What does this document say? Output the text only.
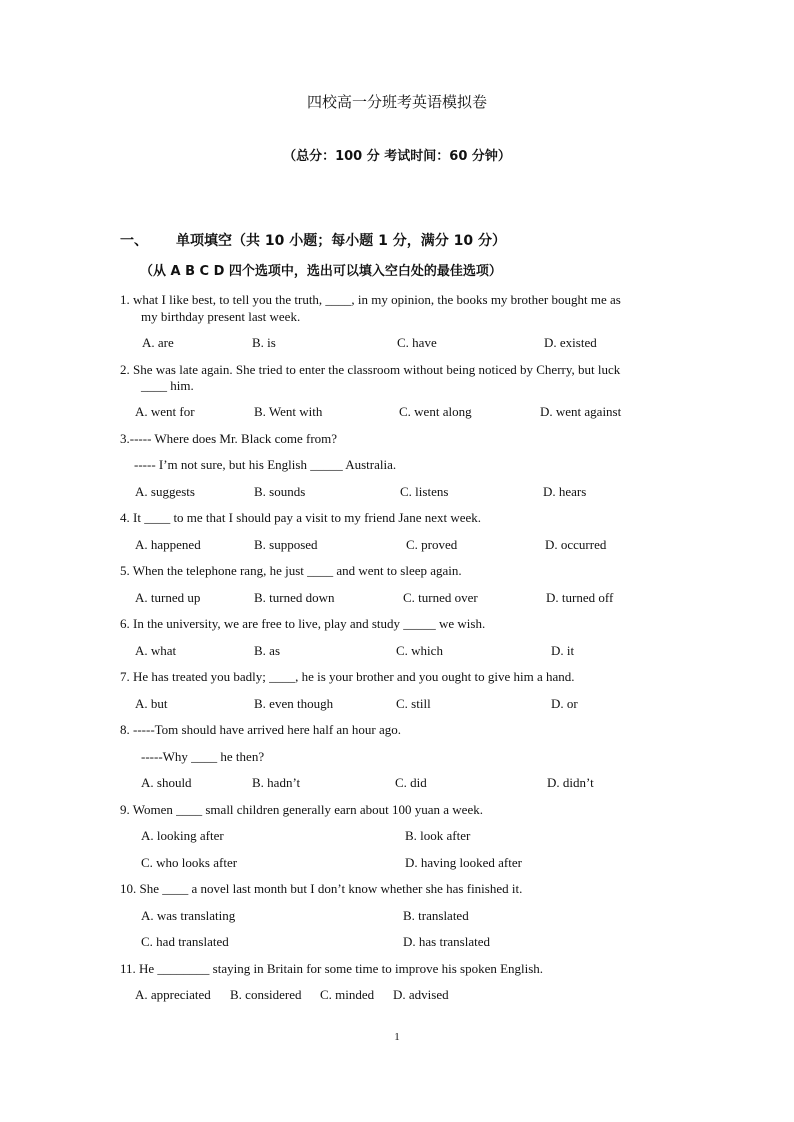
四校高一分班考英语模拟卷
（总分：100 分 考试时间：60 分钟）
一、 单项填空（共 10 小题；每小题 1 分，满分 10 分）
（从 A B C D 四个选项中，选出可以填入空白处的最佳选项）
1. what I like best, to tell you the truth, ____, in my opinion, the books my brother bought me as
my birthday present last week.
A. are	B. is	C. have	D. existed
2. She was late again. She tried to enter the classroom without being noticed by Cherry, but luck
____ him.
A. went for	B. Went with	C. went along	D. went against
3.----- Where does Mr. Black come from?
----- I’m not sure, but his English _____ Australia.
A. suggests	B. sounds	C. listens	D. hears
4. It ____ to me that I should pay a visit to my friend Jane next week.
A. happened	B. supposed	C. proved	D. occurred
5. When the telephone rang, he just ____ and went to sleep again.
A. turned up	B. turned down	C. turned over	D. turned off
6. In the university, we are free to live, play and study _____ we wish.
A. what	B. as	C. which	D. it
7. He has treated you badly; ____, he is your brother and you ought to give him a hand.
A. but	B. even though	C. still	D. or
8. -----Tom should have arrived here half an hour ago.
-----Why ____ he then?
A. should	B. hadn’t	C. did	D. didn’t
9. Women ____ small children generally earn about 100 yuan a week.
A. looking after	B. look after
C. who looks after	D. having looked after
10. She ____ a novel last month but I don’t know whether she has finished it.
A. was translating	B. translated
C. had translated	D. has translated
11. He ________ staying in Britain for some time to improve his spoken English.
A. appreciated B. considered C. minded D. advised
1
